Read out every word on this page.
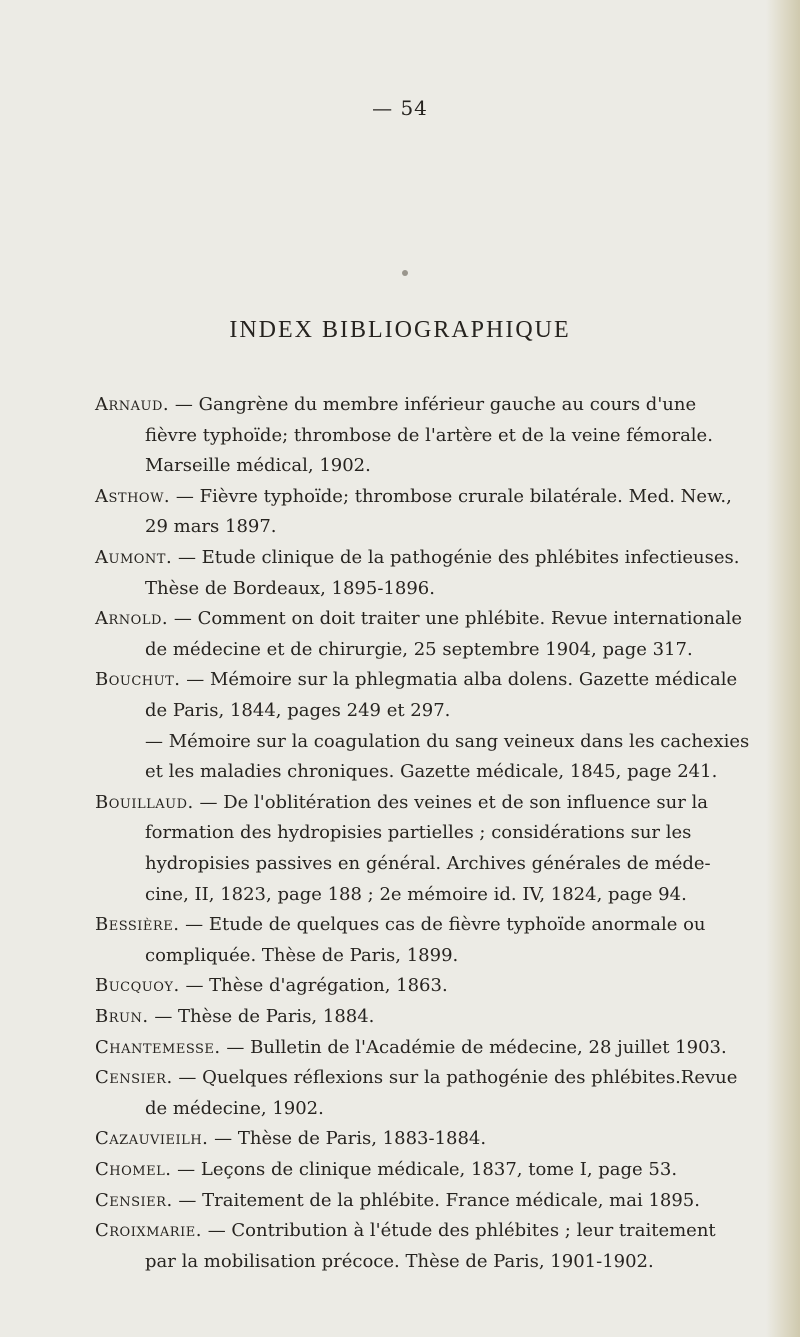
— 54
INDEX BIBLIOGRAPHIQUE
Arnaud. — Gangrène du membre inférieur gauche au cours d'une
fièvre typhoïde; thrombose de l'artère et de la veine fémorale.
Marseille médical, 1902.
Asthow. — Fièvre typhoïde; thrombose crurale bilatérale. Med. New.,
29 mars 1897.
Aumont. — Etude clinique de la pathogénie des phlébites infectieuses.
Thèse de Bordeaux, 1895-1896.
Arnold. — Comment on doit traiter une phlébite. Revue internationale
de médecine et de chirurgie, 25 septembre 1904, page 317.
Bouchut. — Mémoire sur la phlegmatia alba dolens. Gazette médicale
de Paris, 1844, pages 249 et 297.
— Mémoire sur la coagulation du sang veineux dans les cachexies
et les maladies chroniques. Gazette médicale, 1845, page 241.
Bouillaud. — De l'oblitération des veines et de son influence sur la
formation des hydropisies partielles ; considérations sur les
hydropisies passives en général. Archives générales de méde-
cine, II, 1823, page 188 ; 2e mémoire id. IV, 1824, page 94.
Bessière. — Etude de quelques cas de fièvre typhoïde anormale ou
compliquée. Thèse de Paris, 1899.
Bucquoy. — Thèse d'agrégation, 1863.
Brun. — Thèse de Paris, 1884.
Chantemesse. — Bulletin de l'Académie de médecine, 28 juillet 1903.
Censier. — Quelques réflexions sur la pathogénie des phlébites.Revue
de médecine, 1902.
Cazauvieilh. — Thèse de Paris, 1883-1884.
Chomel. — Leçons de clinique médicale, 1837, tome I, page 53.
Censier. — Traitement de la phlébite. France médicale, mai 1895.
Croixmarie. — Contribution à l'étude des phlébites ; leur traitement
par la mobilisation précoce. Thèse de Paris, 1901-1902.
